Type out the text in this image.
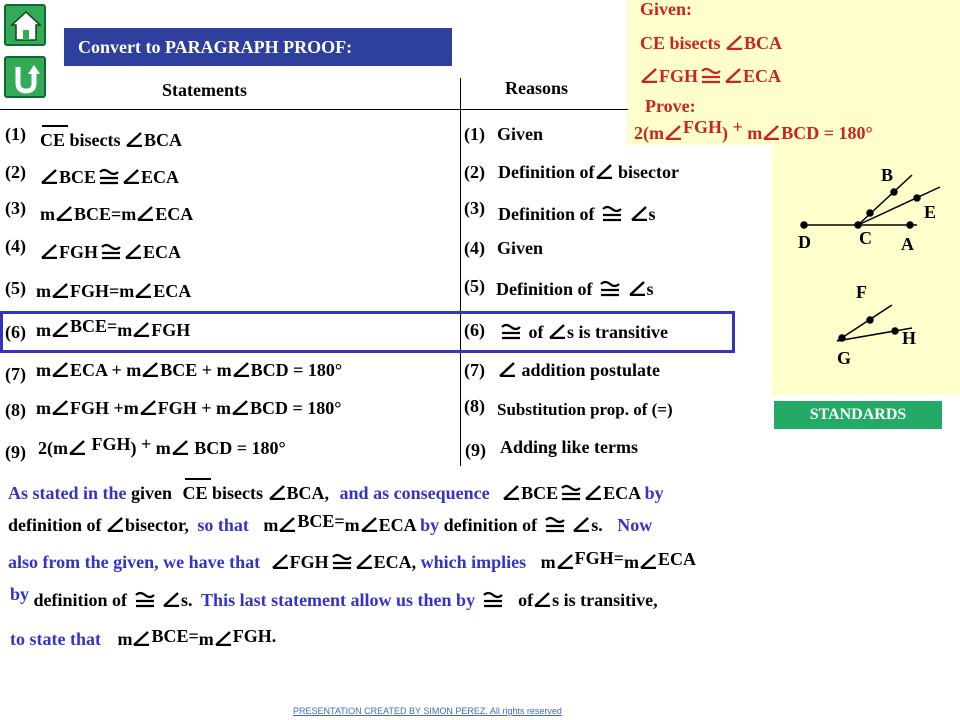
Convert to PARAGRAPH PROOF:
Given:
CE bisects BCA
FGH	ECA
Prove:
2(m FGH) + m BCD = 180°
B
E
D	C A
F
H
G
STANDARDS
Statements	Reasons
(1) CE bisects BCA	(1) Given
(2)	BCE	ECA	(2) Definition of bisector
(3) m BCE=m ECA	(3) Definition of	s
(4)	FGH	ECA	(4) Given
(5) m FGH=m ECA	(5) Definition of	s
(6) m BCE=m FGH	(6)	of s is transitive
(7) m ECA + m BCE + m BCD = 180°	(7)	addition postulate
(8) m FGH +m FGH + m BCD = 180°	(8) Substitution prop. of (=)
(9) 2(m FGH) + m BCD = 180°	(9) Adding like terms
As stated in the given CE bisects BCA, and as consequence BCE	ECA by
definition of bisector, so that m BCE=m ECA by definition of	s. Now
also from the given, we have that FGH	ECA, which implies m FGH=m ECA
by definition of	s. This last statement allow us then by of s is transitive,
to state that m BCE=m FGH.
PRESENTATION CREATED BY SIMON PEREZ. All rights reserved
